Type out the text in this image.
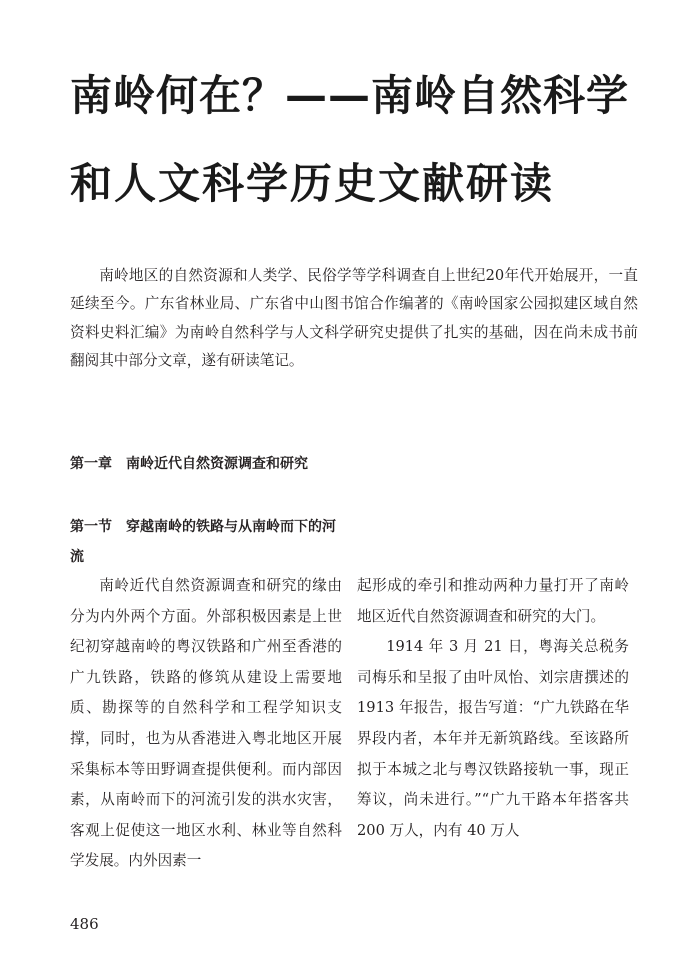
南岭何在？——南岭自然科学
和人文科学历史文献研读

南岭地区的自然资源和人类学、民俗学等学科调查自上世纪20年代开始展开，一直延续至今。广东省林业局、广东省中山图书馆合作编著的《南岭国家公园拟建区域自然资料史料汇编》为南岭自然科学与人文科学研究史提供了扎实的基础，因在尚未成书前翻阅其中部分文章，遂有研读笔记。

第一章　南岭近代自然资源调查和研究
第一节　穿越南岭的铁路与从南岭而下的河流

南岭近代自然资源调查和研究的缘由分为内外两个方面。外部积极因素是上世纪初穿越南岭的粤汉铁路和广州至香港的广九铁路，铁路的修筑从建设上需要地质、勘探等的自然科学和工程学知识支撑，同时，也为从香港进入粤北地区开展采集标本等田野调查提供便利。而内部因素，从南岭而下的河流引发的洪水灾害，客观上促使这一地区水利、林业等自然科学发展。内外因素一

起形成的牵引和推动两种力量打开了南岭地区近代自然资源调查和研究的大门。

1914 年 3 月 21 日，粤海关总税务司梅乐和呈报了由叶凤怡、刘宗唐撰述的 1913 年报告，报告写道：“广九铁路在华界段内者，本年并无新筑路线。至该路所拟于本城之北与粤汉铁路接轨一事，现正筹议，尚未进行。”“广九干路本年搭客共 200 万人，内有 40 万人

486
